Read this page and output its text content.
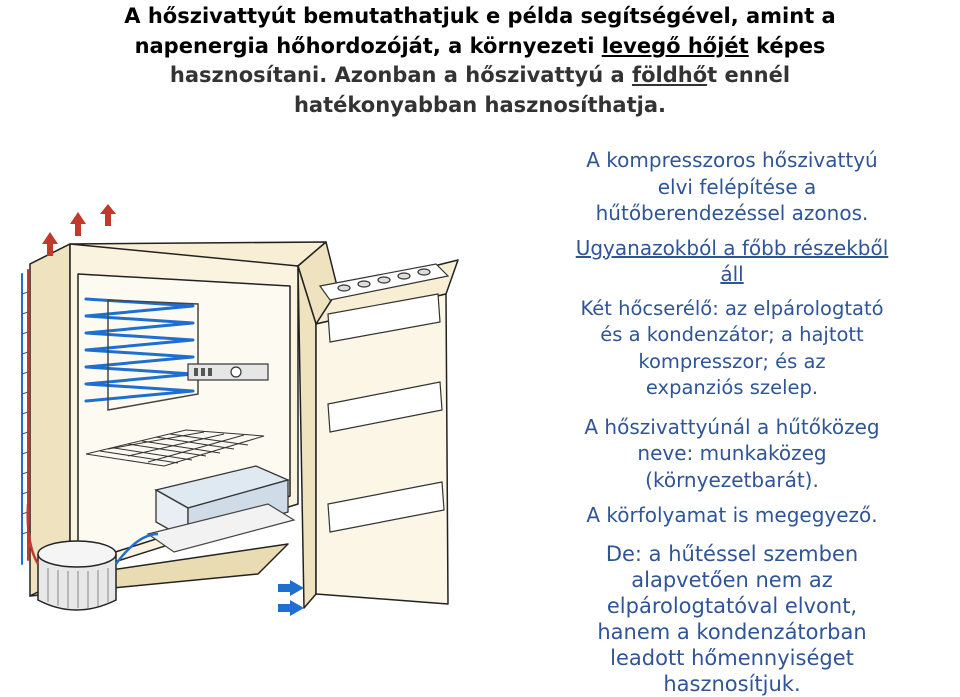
A hőszivattyút bemutathatjuk e példa segítségével, amint a
napenergia hőhordozóját, a környezeti levegő hőjét képes
hasznosítani. Azonban a hőszivattyú a földhőt ennél
hatékonyabban hasznosíthatja.

A kompresszoros hőszivattyú
elvi felépítése a
hűtőberendezéssel azonos.

Ugyanazokból a főbb részekből
áll

Két hőcserélő: az elpárologtató
és a kondenzátor; a hajtott
kompresszor; és az
expanziós szelep.

A hőszivattyúnál a hűtőközeg
neve: munkaközeg
(környezetbarát).

A körfolyamat is megegyező.

De: a hűtéssel szemben
alapvetően nem az
elpárologtatóval elvont,
hanem a kondenzátorban
leadott hőmennyiséget
hasznosítjuk.
